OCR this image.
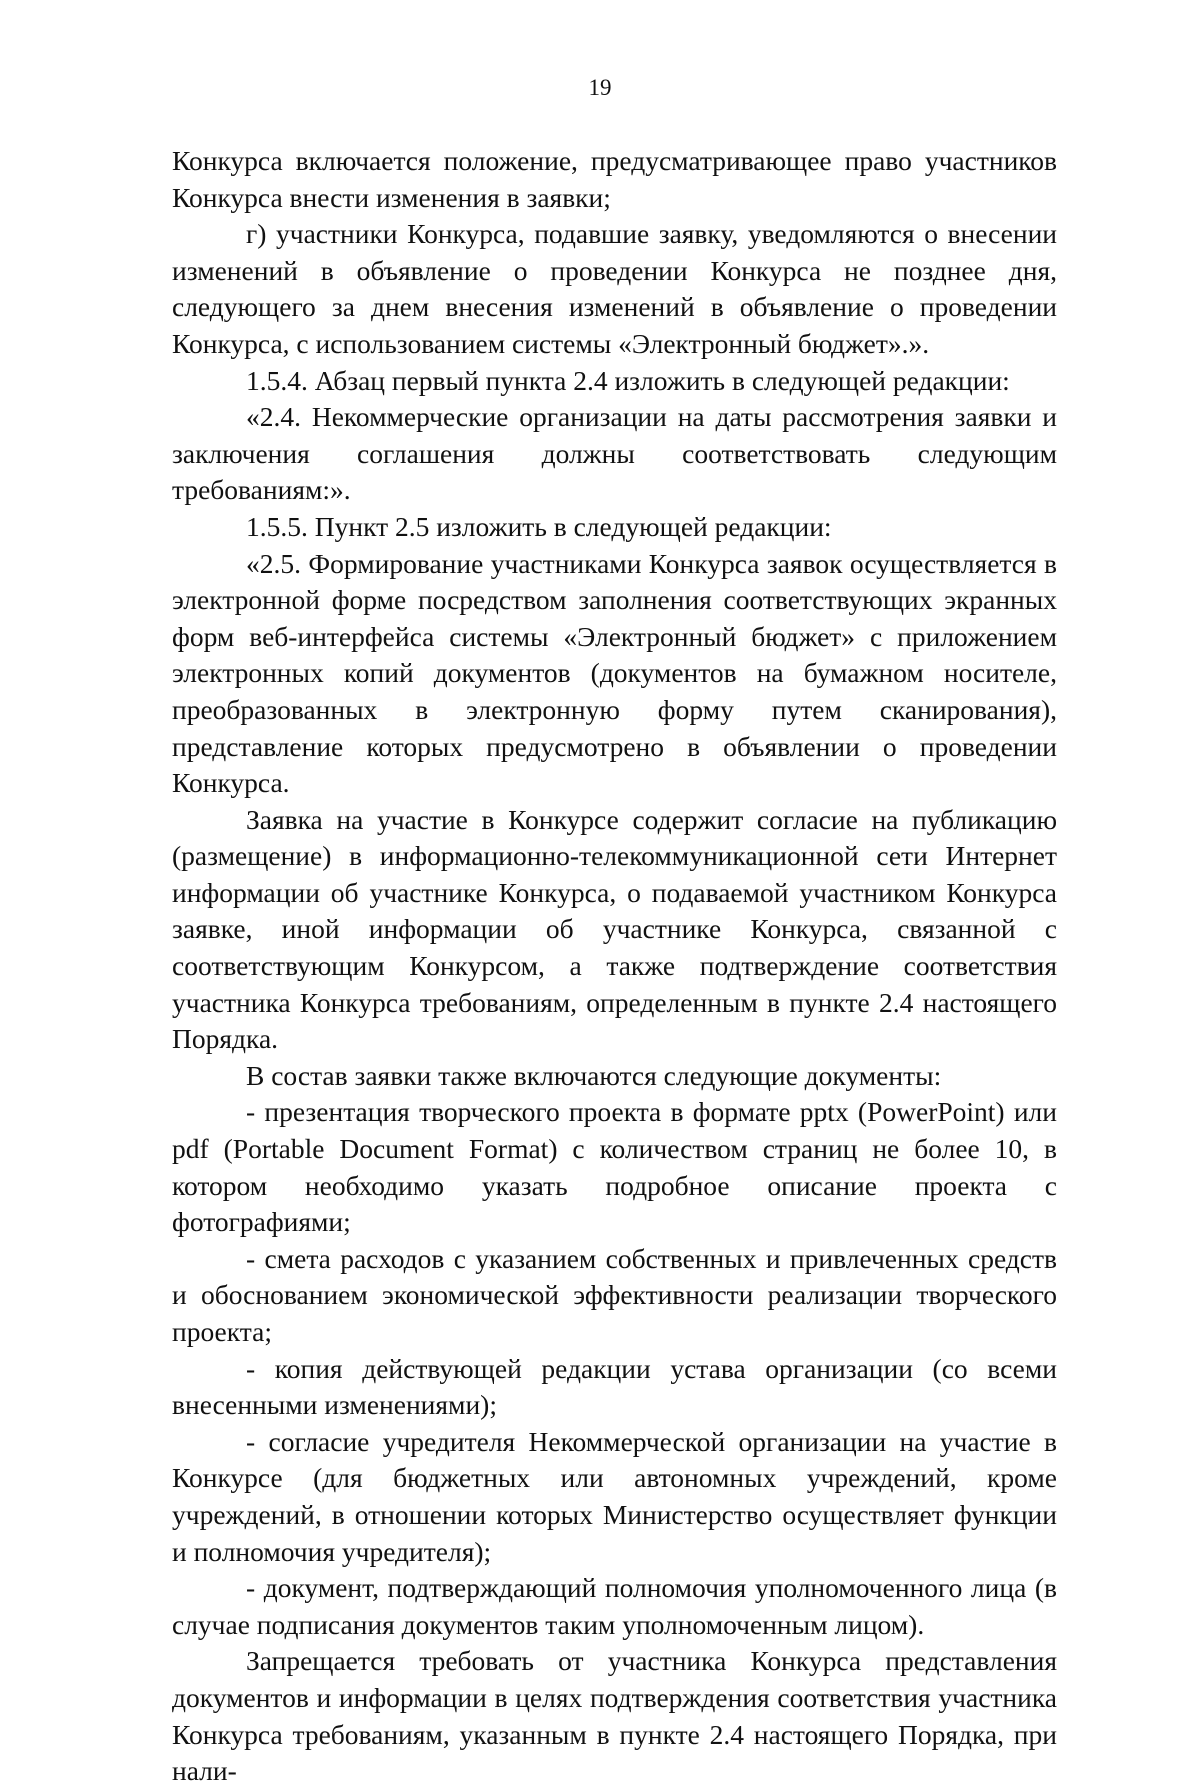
19

Конкурса включается положение, предусматривающее право участников Конкурса внести изменения в заявки;

г) участники Конкурса, подавшие заявку, уведомляются о внесении изменений в объявление о проведении Конкурса не позднее дня, следующего за днем внесения изменений в объявление о проведении Конкурса, с использованием системы «Электронный бюджет».».

1.5.4. Абзац первый пункта 2.4 изложить в следующей редакции:

«2.4. Некоммерческие организации на даты рассмотрения заявки и заключения соглашения должны соответствовать следующим требованиям:».

1.5.5. Пункт 2.5 изложить в следующей редакции:

«2.5. Формирование участниками Конкурса заявок осуществляется в электронной форме посредством заполнения соответствующих экранных форм веб-интерфейса системы «Электронный бюджет» с приложением электронных копий документов (документов на бумажном носителе, преобразованных в электронную форму путем сканирования), представление которых предусмотрено в объявлении о проведении Конкурса.

Заявка на участие в Конкурсе содержит согласие на публикацию (размещение) в информационно-телекоммуникационной сети Интернет информации об участнике Конкурса, о подаваемой участником Конкурса заявке, иной информации об участнике Конкурса, связанной с соответствующим Конкурсом, а также подтверждение соответствия участника Конкурса требованиям, определенным в пункте 2.4 настоящего Порядка.

В состав заявки также включаются следующие документы:

- презентация творческого проекта в формате pptx (PowerPoint) или pdf (Portable Document Format) с количеством страниц не более 10, в котором необходимо указать подробное описание проекта с фотографиями;

- смета расходов с указанием собственных и привлеченных средств и обоснованием экономической эффективности реализации творческого проекта;

- копия действующей редакции устава организации (со всеми внесенными изменениями);

- согласие учредителя Некоммерческой организации на участие в Конкурсе (для бюджетных или автономных учреждений, кроме учреждений, в отношении которых Министерство осуществляет функции и полномочия учредителя);

- документ, подтверждающий полномочия уполномоченного лица (в случае подписания документов таким уполномоченным лицом).

Запрещается требовать от участника Конкурса представления документов и информации в целях подтверждения соответствия участника Конкурса требованиям, указанным в пункте 2.4 настоящего Порядка, при нали-
